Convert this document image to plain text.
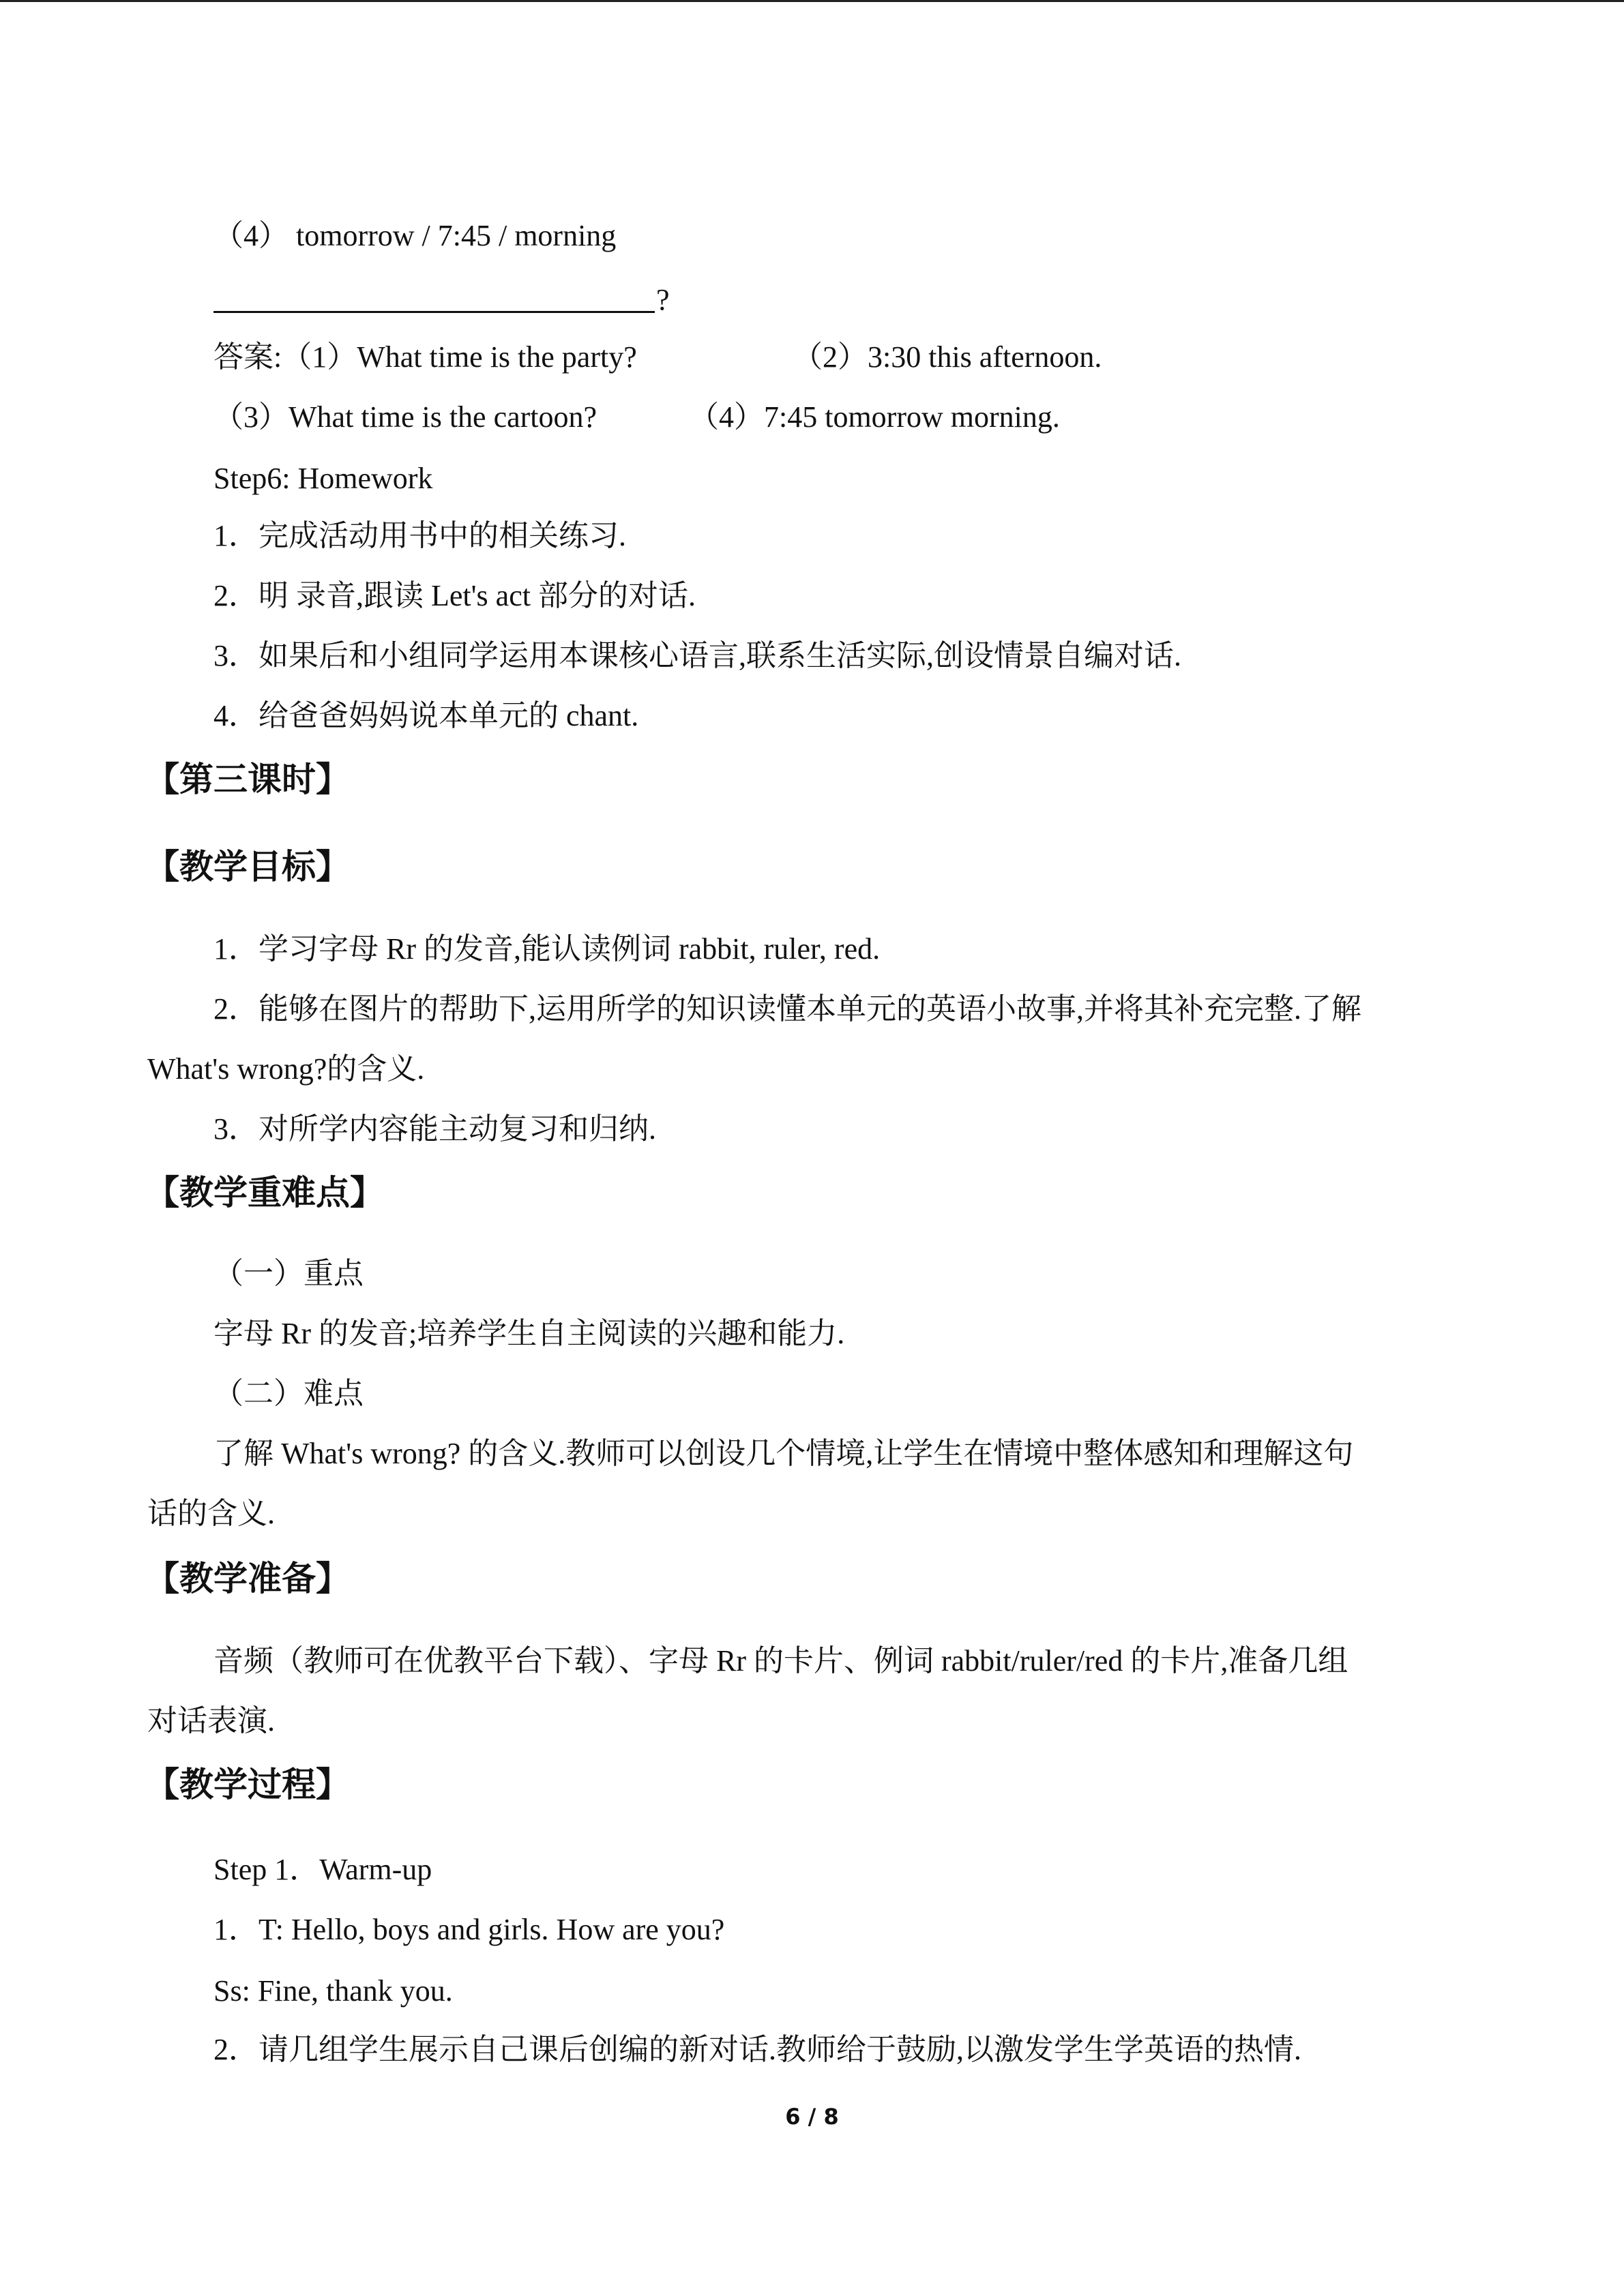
（4） tomorrow / 7:45 / morning
?
答案:（1）What time is the party?	（2）3:30 this afternoon.
（3）What time is the cartoon?	（4）7:45 tomorrow morning.
Step6: Homework
1．完成活动用书中的相关练习.
2．明 录音,跟读 Let's act 部分的对话.
3．如果后和小组同学运用本课核心语言,联系生活实际,创设情景自编对话.
4．给爸爸妈妈说本单元的 chant.
【第三课时】
【教学目标】
1．学习字母 Rr 的发音,能认读例词 rabbit, ruler, red.
2．能够在图片的帮助下,运用所学的知识读懂本单元的英语小故事,并将其补充完整.了解
What's wrong?的含义.
3．对所学内容能主动复习和归纳.
【教学重难点】
（一）重点
字母 Rr 的发音;培养学生自主阅读的兴趣和能力.
（二）难点
了解 What's wrong? 的含义.教师可以创设几个情境,让学生在情境中整体感知和理解这句
话的含义.
【教学准备】
音频（教师可在优教平台下载）、字母 Rr 的卡片、例词 rabbit/ruler/red 的卡片,准备几组
对话表演.
【教学过程】
Step 1．Warm-up
1．T: Hello, boys and girls. How are you?
Ss: Fine, thank you.
2．请几组学生展示自己课后创编的新对话.教师给于鼓励,以激发学生学英语的热情.
6 / 8
